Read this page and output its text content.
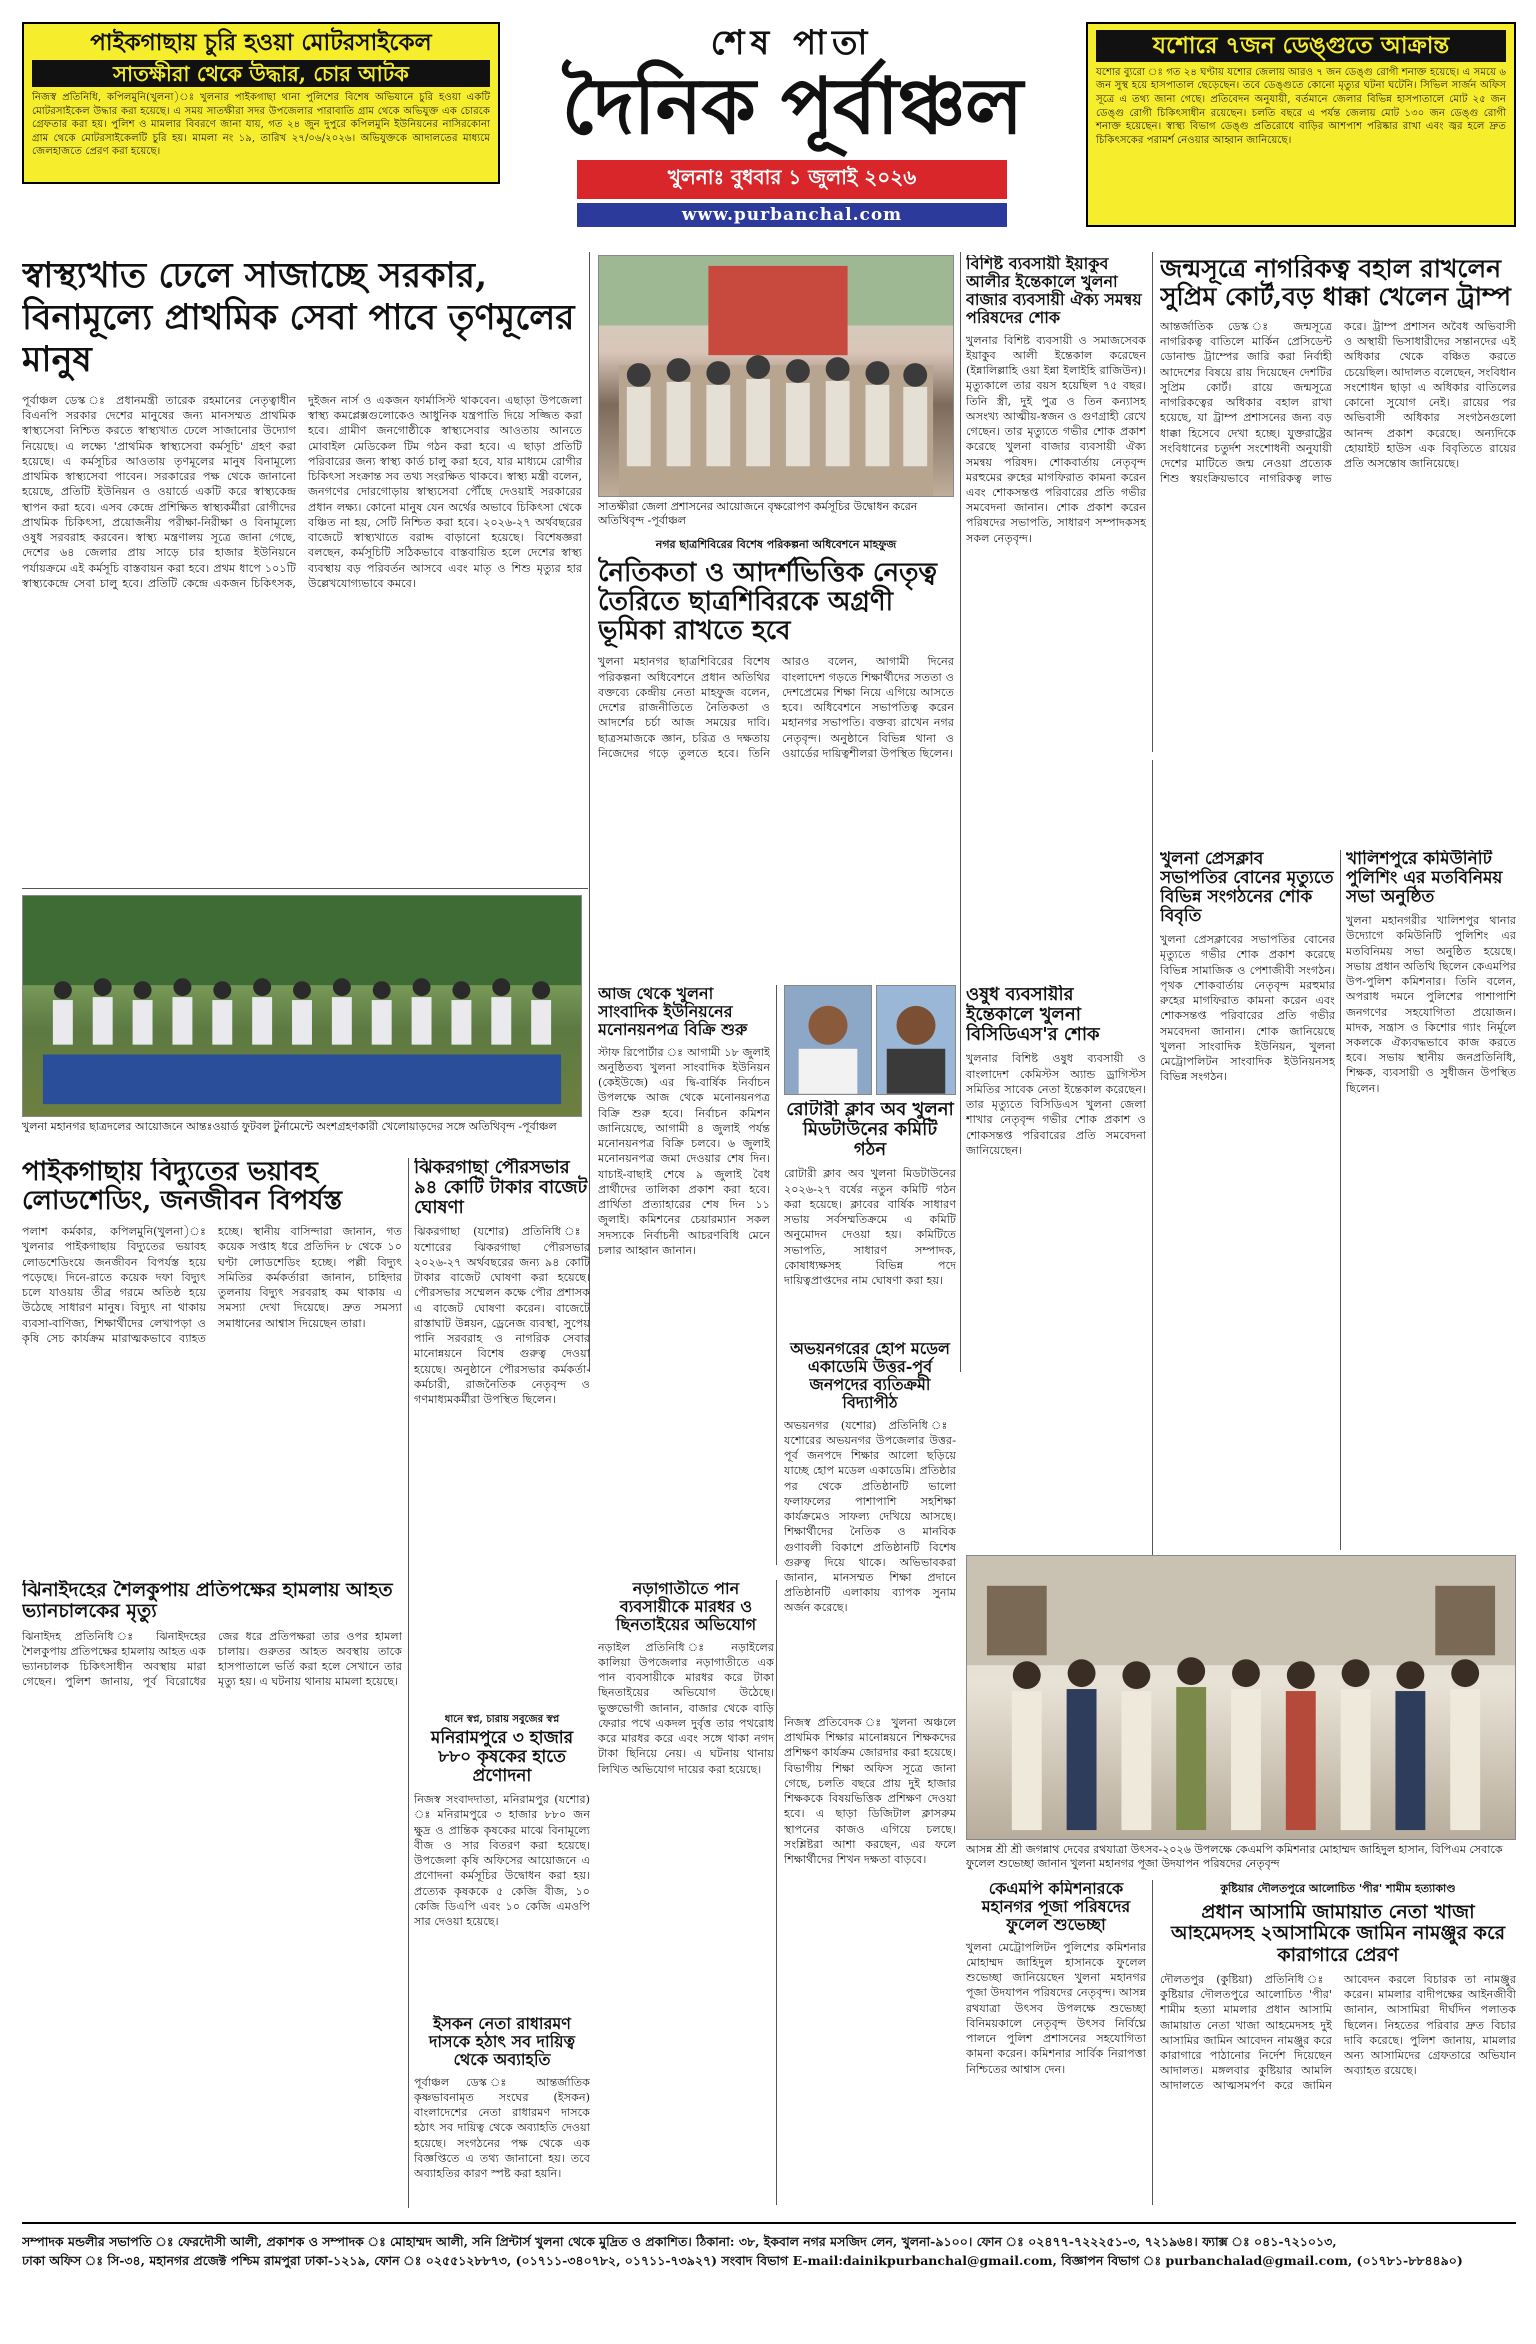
পাইকগাছায় চুরি হওয়া মোটরসাইকেল
সাতক্ষীরা থেকে উদ্ধার, চোর আটক
নিজস্ব প্রতিনিধি, কপিলমুনি(খুলনা)ঃ খুলনার পাইকগাছা থানা পুলিশের বিশেষ অভিযানে চুরি হওয়া একটি মোটরসাইকেল উদ্ধার করা হয়েছে। এ সময় সাতক্ষীরা সদর উপজেলার পারাবাতি গ্রাম থেকে অভিযুক্ত এক চোরকে গ্রেফতার করা হয়। পুলিশ ও মামলার বিবরণে জানা যায়, গত ২৪ জুন দুপুরে কপিলমুনি ইউনিয়নের নাসিরকোনা গ্রাম থেকে মোটরসাইকেলটি চুরি হয়। মামলা নং ১৯, তারিখ ২৭/০৬/২০২৬। অভিযুক্তকে আদালতের মাধ্যমে জেলহাজতে প্রেরণ করা হয়েছে।
শেষ পাতা
দৈনিক পূর্বাঞ্চল
খুলনাঃ বুধবার ১ জুলাই ২০২৬
www.purbanchal.com
যশোরে ৭জন ডেঙ্গুতে আক্রান্ত
যশোর ব্যুরো ঃ গত ২৪ ঘণ্টায় যশোর জেলায় আরও ৭ জন ডেঙ্গু রোগী শনাক্ত হয়েছে। এ সময়ে ৬ জন সুস্থ হয়ে হাসপাতাল ছেড়েছেন। তবে ডেঙ্গুতে কোনো মৃত্যুর ঘটনা ঘটেনি। সিভিল সার্জন অফিস সূত্রে এ তথ্য জানা গেছে। প্রতিবেদন অনুযায়ী, বর্তমানে জেলার বিভিন্ন হাসপাতালে মোট ২৫ জন ডেঙ্গু রোগী চিকিৎসাধীন রয়েছেন। চলতি বছরে এ পর্যন্ত জেলায় মোট ১৩০ জন ডেঙ্গু রোগী শনাক্ত হয়েছেন। স্বাস্থ্য বিভাগ ডেঙ্গু প্রতিরোধে বাড়ির আশপাশ পরিষ্কার রাখা এবং জ্বর হলে দ্রুত চিকিৎসকের পরামর্শ নেওয়ার আহ্বান জানিয়েছে।
স্বাস্থ্যখাত ঢেলে সাজাচ্ছে সরকার, বিনামূল্যে প্রাথমিক সেবা পাবে তৃণমূলের মানুষ
পূর্বাঞ্চল ডেস্ক ঃ প্রধানমন্ত্রী তারেক রহমানের নেতৃত্বাধীন বিএনপি সরকার দেশের মানুষের জন্য মানসম্মত প্রাথমিক স্বাস্থ্যসেবা নিশ্চিত করতে স্বাস্থ্যখাত ঢেলে সাজানোর উদ্যোগ নিয়েছে। এ লক্ষ্যে 'প্রাথমিক স্বাস্থ্যসেবা কর্মসূচি' গ্রহণ করা হয়েছে। এ কর্মসূচির আওতায় তৃণমূলের মানুষ বিনামূল্যে প্রাথমিক স্বাস্থ্যসেবা পাবেন। সরকারের পক্ষ থেকে জানানো হয়েছে, প্রতিটি ইউনিয়ন ও ওয়ার্ডে একটি করে স্বাস্থ্যকেন্দ্র স্থাপন করা হবে। এসব কেন্দ্রে প্রশিক্ষিত স্বাস্থ্যকর্মীরা রোগীদের প্রাথমিক চিকিৎসা, প্রয়োজনীয় পরীক্ষা-নিরীক্ষা ও বিনামূল্যে ওষুধ সরবরাহ করবেন। স্বাস্থ্য মন্ত্রণালয় সূত্রে জানা গেছে, দেশের ৬৪ জেলার প্রায় সাড়ে চার হাজার ইউনিয়নে পর্যায়ক্রমে এই কর্মসূচি বাস্তবায়ন করা হবে। প্রথম ধাপে ১০১টি স্বাস্থ্যকেন্দ্রে সেবা চালু হবে। প্রতিটি কেন্দ্রে একজন চিকিৎসক, দুইজন নার্স ও একজন ফার্মাসিস্ট থাকবেন। এছাড়া উপজেলা স্বাস্থ্য কমপ্লেক্সগুলোকেও আধুনিক যন্ত্রপাতি দিয়ে সজ্জিত করা হবে। গ্রামীণ জনগোষ্ঠীকে স্বাস্থ্যসেবার আওতায় আনতে মোবাইল মেডিকেল টিম গঠন করা হবে। এ ছাড়া প্রতিটি পরিবারের জন্য স্বাস্থ্য কার্ড চালু করা হবে, যার মাধ্যমে রোগীর চিকিৎসা সংক্রান্ত সব তথ্য সংরক্ষিত থাকবে। স্বাস্থ্য মন্ত্রী বলেন, জনগণের দোরগোড়ায় স্বাস্থ্যসেবা পৌঁছে দেওয়াই সরকারের প্রধান লক্ষ্য। কোনো মানুষ যেন অর্থের অভাবে চিকিৎসা থেকে বঞ্চিত না হয়, সেটি নিশ্চিত করা হবে। ২০২৬-২৭ অর্থবছরের বাজেটে স্বাস্থ্যখাতে বরাদ্দ বাড়ানো হয়েছে। বিশেষজ্ঞরা বলছেন, কর্মসূচিটি সঠিকভাবে বাস্তবায়িত হলে দেশের স্বাস্থ্য ব্যবস্থায় বড় পরিবর্তন আসবে এবং মাতৃ ও শিশু মৃত্যুর হার উল্লেখযোগ্যভাবে কমবে।
সাতক্ষীরা জেলা প্রশাসনের আয়োজনে বৃক্ষরোপণ কর্মসূচির উদ্বোধন করেন অতিথিবৃন্দ -পূর্বাঞ্চল
নগর ছাত্রশিবিরের বিশেষ পরিকল্পনা অধিবেশনে মাহফুজ
নৈতিকতা ও আদর্শভিত্তিক নেতৃত্ব তৈরিতে ছাত্রশিবিরকে অগ্রণী ভূমিকা রাখতে হবে
খুলনা মহানগর ছাত্রশিবিরের বিশেষ পরিকল্পনা অধিবেশনে প্রধান অতিথির বক্তব্যে কেন্দ্রীয় নেতা মাহফুজ বলেন, দেশের রাজনীতিতে নৈতিকতা ও আদর্শের চর্চা আজ সময়ের দাবি। ছাত্রসমাজকে জ্ঞান, চরিত্র ও দক্ষতায় নিজেদের গড়ে তুলতে হবে। তিনি আরও বলেন, আগামী দিনের বাংলাদেশ গড়তে শিক্ষার্থীদের সততা ও দেশপ্রেমের শিক্ষা নিয়ে এগিয়ে আসতে হবে। অধিবেশনে সভাপতিত্ব করেন মহানগর সভাপতি। বক্তব্য রাখেন নগর নেতৃবৃন্দ। অনুষ্ঠানে বিভিন্ন থানা ও ওয়ার্ডের দায়িত্বশীলরা উপস্থিত ছিলেন।
বিশিষ্ট ব্যবসায়ী ইয়াকুব আলীর ইন্তেকালে খুলনা বাজার ব্যবসায়ী ঐক্য সমন্বয় পরিষদের শোক
খুলনার বিশিষ্ট ব্যবসায়ী ও সমাজসেবক ইয়াকুব আলী ইন্তেকাল করেছেন (ইন্নালিল্লাহি ওয়া ইন্না ইলাইহি রাজিউন)। মৃত্যুকালে তার বয়স হয়েছিল ৭৫ বছর। তিনি স্ত্রী, দুই পুত্র ও তিন কন্যাসহ অসংখ্য আত্মীয়-স্বজন ও গুণগ্রাহী রেখে গেছেন। তার মৃত্যুতে গভীর শোক প্রকাশ করেছে খুলনা বাজার ব্যবসায়ী ঐক্য সমন্বয় পরিষদ। শোকবার্তায় নেতৃবৃন্দ মরহুমের রুহের মাগফিরাত কামনা করেন এবং শোকসন্তপ্ত পরিবারের প্রতি গভীর সমবেদনা জানান। শোক প্রকাশ করেন পরিষদের সভাপতি, সাধারণ সম্পাদকসহ সকল নেতৃবৃন্দ।
জন্মসূত্রে নাগরিকত্ব বহাল রাখলেন সুপ্রিম কোর্ট,বড় ধাক্কা খেলেন ট্রাম্প
আন্তর্জাতিক ডেস্ক ঃ জন্মসূত্রে নাগরিকত্ব বাতিলে মার্কিন প্রেসিডেন্ট ডোনাল্ড ট্রাম্পের জারি করা নির্বাহী আদেশের বিষয়ে রায় দিয়েছেন দেশটির সুপ্রিম কোর্ট। রায়ে জন্মসূত্রে নাগরিকত্বের অধিকার বহাল রাখা হয়েছে, যা ট্রাম্প প্রশাসনের জন্য বড় ধাক্কা হিসেবে দেখা হচ্ছে। যুক্তরাষ্ট্রের সংবিধানের চতুর্দশ সংশোধনী অনুযায়ী দেশের মাটিতে জন্ম নেওয়া প্রত্যেক শিশু স্বয়ংক্রিয়ভাবে নাগরিকত্ব লাভ করে। ট্রাম্প প্রশাসন অবৈধ অভিবাসী ও অস্থায়ী ভিসাধারীদের সন্তানদের এই অধিকার থেকে বঞ্চিত করতে চেয়েছিল। আদালত বলেছেন, সংবিধান সংশোধন ছাড়া এ অধিকার বাতিলের কোনো সুযোগ নেই। রায়ের পর অভিবাসী অধিকার সংগঠনগুলো আনন্দ প্রকাশ করেছে। অন্যদিকে হোয়াইট হাউস এক বিবৃতিতে রায়ের প্রতি অসন্তোষ জানিয়েছে।
খুলনা মহানগর ছাত্রদলের আয়োজনে আন্তঃওয়ার্ড ফুটবল টুর্নামেন্টে অংশগ্রহণকারী খেলোয়াড়দের সঙ্গে অতিথিবৃন্দ -পূর্বাঞ্চল
আজ থেকে খুলনা সাংবাদিক ইউনিয়নের মনোনয়নপত্র বিক্রি শুরু
স্টাফ রিপোর্টার ঃ আগামী ১৮ জুলাই অনুষ্ঠিতব্য খুলনা সাংবাদিক ইউনিয়ন (কেইউজে) এর দ্বি-বার্ষিক নির্বাচন উপলক্ষে আজ থেকে মনোনয়নপত্র বিক্রি শুরু হবে। নির্বাচন কমিশন জানিয়েছে, আগামী ৪ জুলাই পর্যন্ত মনোনয়নপত্র বিক্রি চলবে। ৬ জুলাই মনোনয়নপত্র জমা দেওয়ার শেষ দিন। যাচাই-বাছাই শেষে ৯ জুলাই বৈধ প্রার্থীদের তালিকা প্রকাশ করা হবে। প্রার্থিতা প্রত্যাহারের শেষ দিন ১১ জুলাই। কমিশনের চেয়ারম্যান সকল সদস্যকে নির্বাচনী আচরণবিধি মেনে চলার আহ্বান জানান।
রোটারী ক্লাব অব খুলনা মিডটাউনের কমিটি গঠন
রোটারী ক্লাব অব খুলনা মিডটাউনের ২০২৬-২৭ বর্ষের নতুন কমিটি গঠন করা হয়েছে। ক্লাবের বার্ষিক সাধারণ সভায় সর্বসম্মতিক্রমে এ কমিটি অনুমোদন দেওয়া হয়। কমিটিতে সভাপতি, সাধারণ সম্পাদক, কোষাধ্যক্ষসহ বিভিন্ন পদে দায়িত্বপ্রাপ্তদের নাম ঘোষণা করা হয়।
ওষুধ ব্যবসায়ীর ইন্তেকালে খুলনা বিসিডিএস'র শোক
খুলনার বিশিষ্ট ওষুধ ব্যবসায়ী ও বাংলাদেশ কেমিস্টস অ্যান্ড ড্রাগিস্টস সমিতির সাবেক নেতা ইন্তেকাল করেছেন। তার মৃত্যুতে বিসিডিএস খুলনা জেলা শাখার নেতৃবৃন্দ গভীর শোক প্রকাশ ও শোকসন্তপ্ত পরিবারের প্রতি সমবেদনা জানিয়েছেন।
খুলনা প্রেসক্লাব সভাপতির বোনের মৃত্যুতে বিভিন্ন সংগঠনের শোক বিবৃতি
খুলনা প্রেসক্লাবের সভাপতির বোনের মৃত্যুতে গভীর শোক প্রকাশ করেছে বিভিন্ন সামাজিক ও পেশাজীবী সংগঠন। পৃথক শোকবার্তায় নেতৃবৃন্দ মরহুমার রুহের মাগফিরাত কামনা করেন এবং শোকসন্তপ্ত পরিবারের প্রতি গভীর সমবেদনা জানান। শোক জানিয়েছে খুলনা সাংবাদিক ইউনিয়ন, খুলনা মেট্রোপলিটন সাংবাদিক ইউনিয়নসহ বিভিন্ন সংগঠন।
খালিশপুরে কমিউনিটি পুলিশিং এর মতবিনিময় সভা অনুষ্ঠিত
খুলনা মহানগরীর খালিশপুর থানার উদ্যোগে কমিউনিটি পুলিশিং এর মতবিনিময় সভা অনুষ্ঠিত হয়েছে। সভায় প্রধান অতিথি ছিলেন কেএমপির উপ-পুলিশ কমিশনার। তিনি বলেন, অপরাধ দমনে পুলিশের পাশাপাশি জনগণের সহযোগিতা প্রয়োজন। মাদক, সন্ত্রাস ও কিশোর গ্যাং নির্মূলে সকলকে ঐক্যবদ্ধভাবে কাজ করতে হবে। সভায় স্থানীয় জনপ্রতিনিধি, শিক্ষক, ব্যবসায়ী ও সুধীজন উপস্থিত ছিলেন।
পাইকগাছায় বিদ্যুতের ভয়াবহ লোডশেডিং, জনজীবন বিপর্যস্ত
পলাশ কর্মকার, কপিলমুনি(খুলনা)ঃ খুলনার পাইকগাছায় বিদ্যুতের ভয়াবহ লোডশেডিংয়ে জনজীবন বিপর্যস্ত হয়ে পড়েছে। দিনে-রাতে কয়েক দফা বিদ্যুৎ চলে যাওয়ায় তীব্র গরমে অতিষ্ঠ হয়ে উঠেছে সাধারণ মানুষ। বিদ্যুৎ না থাকায় ব্যবসা-বাণিজ্য, শিক্ষার্থীদের লেখাপড়া ও কৃষি সেচ কার্যক্রম মারাত্মকভাবে ব্যাহত হচ্ছে। স্থানীয় বাসিন্দারা জানান, গত কয়েক সপ্তাহ ধরে প্রতিদিন ৮ থেকে ১০ ঘণ্টা লোডশেডিং হচ্ছে। পল্লী বিদ্যুৎ সমিতির কর্মকর্তারা জানান, চাহিদার তুলনায় বিদ্যুৎ সরবরাহ কম থাকায় এ সমস্যা দেখা দিয়েছে। দ্রুত সমস্যা সমাধানের আশ্বাস দিয়েছেন তারা।
ঝিকরগাছা পৌরসভার ৯৪ কোটি টাকার বাজেট ঘোষণা
ঝিকরগাছা (যশোর) প্রতিনিধি ঃ যশোরের ঝিকরগাছা পৌরসভার ২০২৬-২৭ অর্থবছরের জন্য ৯৪ কোটি টাকার বাজেট ঘোষণা করা হয়েছে। পৌরসভার সম্মেলন কক্ষে পৌর প্রশাসক এ বাজেট ঘোষণা করেন। বাজেটে রাস্তাঘাট উন্নয়ন, ড্রেনেজ ব্যবস্থা, সুপেয় পানি সরবরাহ ও নাগরিক সেবার মানোন্নয়নে বিশেষ গুরুত্ব দেওয়া হয়েছে। অনুষ্ঠানে পৌরসভার কর্মকর্তা-কর্মচারী, রাজনৈতিক নেতৃবৃন্দ ও গণমাধ্যমকর্মীরা উপস্থিত ছিলেন।
অভয়নগরের হোপ মডেল একাডেমি উত্তর-পূর্ব জনপদের ব্যতিক্রমী বিদ্যাপীঠ
অভয়নগর (যশোর) প্রতিনিধি ঃ যশোরের অভয়নগর উপজেলার উত্তর-পূর্ব জনপদে শিক্ষার আলো ছড়িয়ে যাচ্ছে হোপ মডেল একাডেমি। প্রতিষ্ঠার পর থেকে প্রতিষ্ঠানটি ভালো ফলাফলের পাশাপাশি সহশিক্ষা কার্যক্রমেও সাফল্য দেখিয়ে আসছে। শিক্ষার্থীদের নৈতিক ও মানবিক গুণাবলী বিকাশে প্রতিষ্ঠানটি বিশেষ গুরুত্ব দিয়ে থাকে। অভিভাবকরা জানান, মানসম্মত শিক্ষা প্রদানে প্রতিষ্ঠানটি এলাকায় ব্যাপক সুনাম অর্জন করেছে।
ধানে স্বপ্ন, চারায় সবুজের স্বপ্ন
মনিরামপুরে ৩ হাজার ৮৮০ কৃষকের হাতে প্রণোদনা
নিজস্ব সংবাদদাতা, মনিরামপুর (যশোর) ঃ মনিরামপুরে ৩ হাজার ৮৮০ জন ক্ষুদ্র ও প্রান্তিক কৃষকের মাঝে বিনামূল্যে বীজ ও সার বিতরণ করা হয়েছে। উপজেলা কৃষি অফিসের আয়োজনে এ প্রণোদনা কর্মসূচির উদ্বোধন করা হয়। প্রত্যেক কৃষককে ৫ কেজি বীজ, ১০ কেজি ডিএপি এবং ১০ কেজি এমওপি সার দেওয়া হয়েছে।
ঝিনাইদহের শৈলকুপায় প্রতিপক্ষের হামলায় আহত ভ্যানচালকের মৃত্যু
ঝিনাইদহ প্রতিনিধি ঃ ঝিনাইদহের শৈলকুপায় প্রতিপক্ষের হামলায় আহত এক ভ্যানচালক চিকিৎসাধীন অবস্থায় মারা গেছেন। পুলিশ জানায়, পূর্ব বিরোধের জের ধরে প্রতিপক্ষরা তার ওপর হামলা চালায়। গুরুতর আহত অবস্থায় তাকে হাসপাতালে ভর্তি করা হলে সেখানে তার মৃত্যু হয়। এ ঘটনায় থানায় মামলা হয়েছে।
ইসকন নেতা রাধারমণ দাসকে হঠাৎ সব দায়িত্ব থেকে অব্যাহতি
পূর্বাঞ্চল ডেস্ক ঃ আন্তর্জাতিক কৃষ্ণভাবনামৃত সংঘের (ইসকন) বাংলাদেশের নেতা রাধারমণ দাসকে হঠাৎ সব দায়িত্ব থেকে অব্যাহতি দেওয়া হয়েছে। সংগঠনের পক্ষ থেকে এক বিজ্ঞপ্তিতে এ তথ্য জানানো হয়। তবে অব্যাহতির কারণ স্পষ্ট করা হয়নি।
নড়াগাতীতে পান ব্যবসায়ীকে মারধর ও ছিনতাইয়ের অভিযোগ
নড়াইল প্রতিনিধি ঃ নড়াইলের কালিয়া উপজেলার নড়াগাতীতে এক পান ব্যবসায়ীকে মারধর করে টাকা ছিনতাইয়ের অভিযোগ উঠেছে। ভুক্তভোগী জানান, বাজার থেকে বাড়ি ফেরার পথে একদল দুর্বৃত্ত তার পথরোধ করে মারধর করে এবং সঙ্গে থাকা নগদ টাকা ছিনিয়ে নেয়। এ ঘটনায় থানায় লিখিত অভিযোগ দায়ের করা হয়েছে।
নিজস্ব প্রতিবেদক ঃ খুলনা অঞ্চলে প্রাথমিক শিক্ষার মানোন্নয়নে শিক্ষকদের প্রশিক্ষণ কার্যক্রম জোরদার করা হয়েছে। বিভাগীয় শিক্ষা অফিস সূত্রে জানা গেছে, চলতি বছরে প্রায় দুই হাজার শিক্ষককে বিষয়ভিত্তিক প্রশিক্ষণ দেওয়া হবে। এ ছাড়া ডিজিটাল ক্লাসরুম স্থাপনের কাজও এগিয়ে চলছে। সংশ্লিষ্টরা আশা করছেন, এর ফলে শিক্ষার্থীদের শিখন দক্ষতা বাড়বে।
আসন্ন শ্রী শ্রী জগন্নাথ দেবের রথযাত্রা উৎসব-২০২৬ উপলক্ষে কেএমপি কমিশনার মোহাম্মদ জাহিদুল হাসান, বিপিএম সেবাকে ফুলেল শুভেচ্ছা জানান খুলনা মহানগর পূজা উদযাপন পরিষদের নেতৃবৃন্দ
কেএমপি কমিশনারকে মহানগর পূজা পরিষদের ফুলেল শুভেচ্ছা
খুলনা মেট্রোপলিটন পুলিশের কমিশনার মোহাম্মদ জাহিদুল হাসানকে ফুলেল শুভেচ্ছা জানিয়েছেন খুলনা মহানগর পূজা উদযাপন পরিষদের নেতৃবৃন্দ। আসন্ন রথযাত্রা উৎসব উপলক্ষে শুভেচ্ছা বিনিময়কালে নেতৃবৃন্দ উৎসব নির্বিঘ্নে পালনে পুলিশ প্রশাসনের সহযোগিতা কামনা করেন। কমিশনার সার্বিক নিরাপত্তা নিশ্চিতের আশ্বাস দেন।
কুষ্টিয়ার দৌলতপুরে আলোচিত 'পীর' শামীম হত্যাকাণ্ড
প্রধান আসামি জামায়াত নেতা খাজা আহমেদসহ ২আসামিকে জামিন নামঞ্জুর করে কারাগারে প্রেরণ
দৌলতপুর (কুষ্টিয়া) প্রতিনিধি ঃ কুষ্টিয়ার দৌলতপুরে আলোচিত 'পীর' শামীম হত্যা মামলার প্রধান আসামি জামায়াত নেতা খাজা আহমেদসহ দুই আসামির জামিন আবেদন নামঞ্জুর করে কারাগারে পাঠানোর নির্দেশ দিয়েছেন আদালত। মঙ্গলবার কুষ্টিয়ার আমলি আদালতে আত্মসমর্পণ করে জামিন আবেদন করলে বিচারক তা নামঞ্জুর করেন। মামলার বাদীপক্ষের আইনজীবী জানান, আসামিরা দীর্ঘদিন পলাতক ছিলেন। নিহতের পরিবার দ্রুত বিচার দাবি করেছে। পুলিশ জানায়, মামলার অন্য আসামিদের গ্রেফতারে অভিযান অব্যাহত রয়েছে।
সম্পাদক মন্ডলীর সভাপতি ঃ ফেরদৌসী আলী, প্রকাশক ও সম্পাদক ঃ মোহাম্মদ আলী, সনি প্রিন্টার্স খুলনা থেকে মুদ্রিত ও প্রকাশিত। ঠিকানা: ৩৮, ইকবাল নগর মসজিদ লেন, খুলনা-৯১০০। ফোন ঃ ০২৪৭৭-৭২২২৫১-৩, ৭২১৯৬৪। ফ্যাক্স ঃ ০৪১-৭২১০১৩,
ঢাকা অফিস ঃ সি-৩৪, মহানগর প্রজেক্ট পশ্চিম রামপুরা ঢাকা-১২১৯, ফোন ঃ ০২৫৫১২৮৮৭৩, (০১৭১১-৩৪০৭৮২, ০১৭১১-৭৩৯২৭) সংবাদ বিভাগ E-mail:dainikpurbanchal@gmail.com, বিজ্ঞাপন বিভাগ ঃ purbanchalad@gmail.com, (০১৭৮১-৮৮৪৪৯০)
